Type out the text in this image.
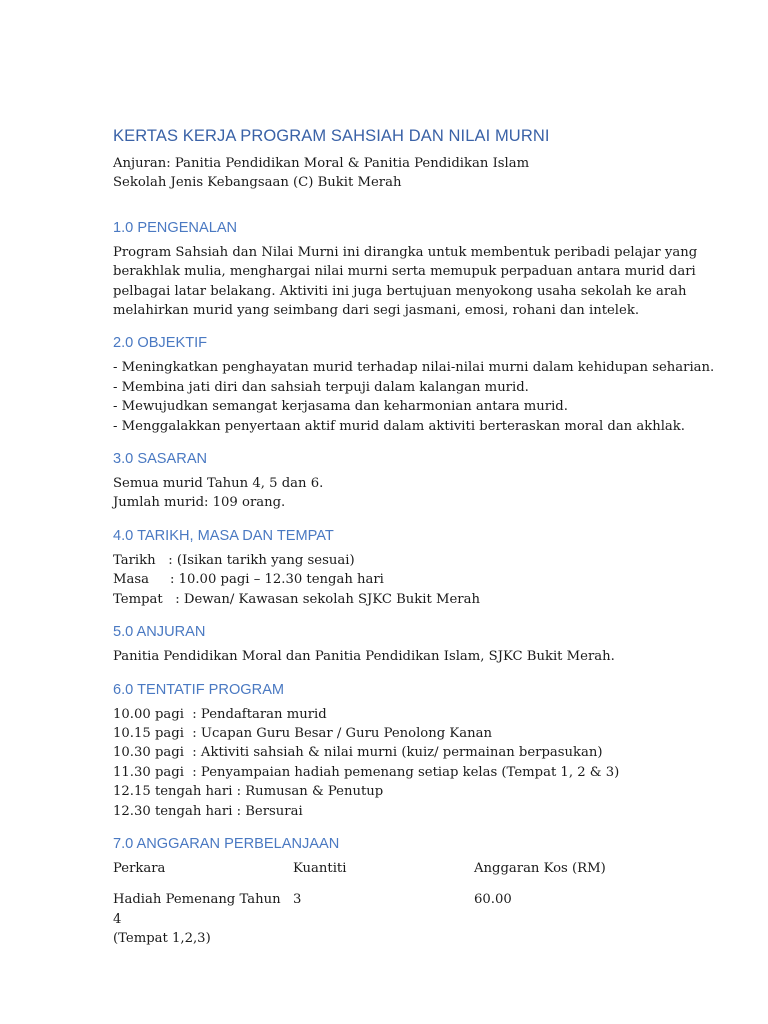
KERTAS KERJA PROGRAM SAHSIAH DAN NILAI MURNI

Anjuran: Panitia Pendidikan Moral & Panitia Pendidikan Islam

Sekolah Jenis Kebangsaan (C) Bukit Merah

1.0 PENGENALAN

Program Sahsiah dan Nilai Murni ini dirangka untuk membentuk peribadi pelajar yang

berakhlak mulia, menghargai nilai murni serta memupuk perpaduan antara murid dari

pelbagai latar belakang. Aktiviti ini juga bertujuan menyokong usaha sekolah ke arah

melahirkan murid yang seimbang dari segi jasmani, emosi, rohani dan intelek.

2.0 OBJEKTIF

- Meningkatkan penghayatan murid terhadap nilai-nilai murni dalam kehidupan seharian.

- Membina jati diri dan sahsiah terpuji dalam kalangan murid.

- Mewujudkan semangat kerjasama dan keharmonian antara murid.

- Menggalakkan penyertaan aktif murid dalam aktiviti berteraskan moral dan akhlak.

3.0 SASARAN

Semua murid Tahun 4, 5 dan 6.

Jumlah murid: 109 orang.

4.0 TARIKH, MASA DAN TEMPAT

Tarikh   : (Isikan tarikh yang sesuai)

Masa     : 10.00 pagi – 12.30 tengah hari

Tempat   : Dewan/ Kawasan sekolah SJKC Bukit Merah

5.0 ANJURAN

Panitia Pendidikan Moral dan Panitia Pendidikan Islam, SJKC Bukit Merah.

6.0 TENTATIF PROGRAM

10.00 pagi  : Pendaftaran murid

10.15 pagi  : Ucapan Guru Besar / Guru Penolong Kanan

10.30 pagi  : Aktiviti sahsiah & nilai murni (kuiz/ permainan berpasukan)

11.30 pagi  : Penyampaian hadiah pemenang setiap kelas (Tempat 1, 2 & 3)

12.15 tengah hari : Rumusan & Penutup

12.30 tengah hari : Bersurai

7.0 ANGGARAN PERBELANJAAN
Perkara	Kuantiti	Anggaran Kos (RM)

Hadiah Pemenang Tahun 4
(Tempat 1,2,3)	3	60.00
